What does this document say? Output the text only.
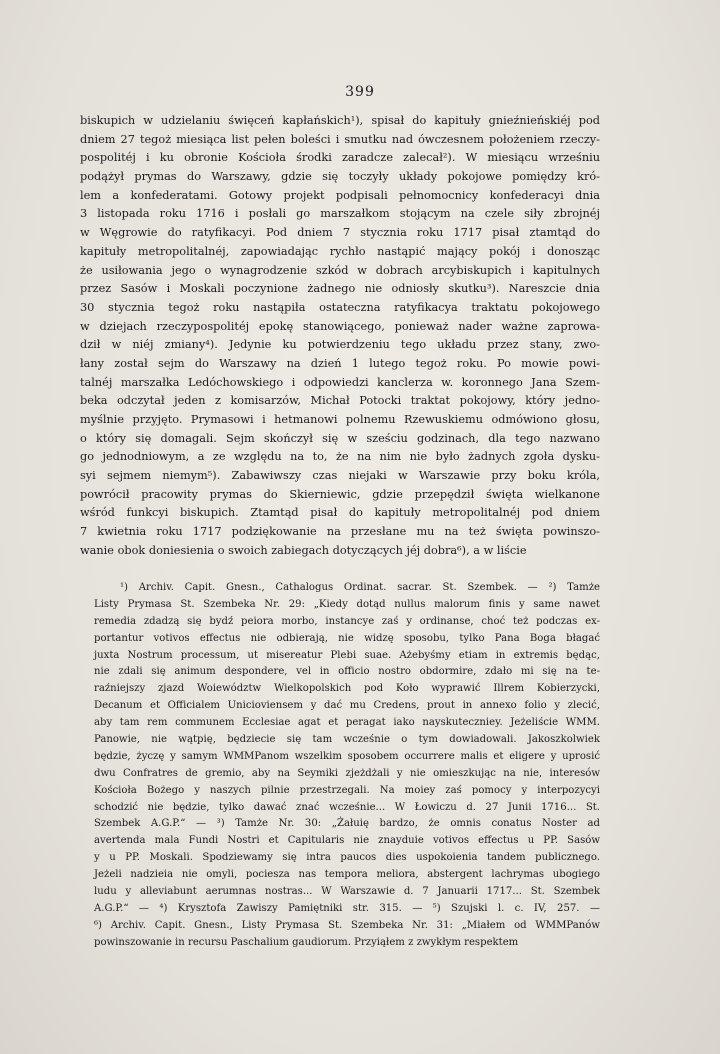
399
biskupich w udzielaniu święceń kapłańskich¹), spisał do kapituły gnieźnieńskiéj pod
dniem 27 tegoż miesiąca list pełen boleści i smutku nad ówczesnem położeniem rzeczy-
pospolitéj i ku obronie Kościoła środki zaradcze zalecał²). W miesiącu wrześniu
podążył prymas do Warszawy, gdzie się toczyły układy pokojowe pomiędzy kró-
lem a konfederatami. Gotowy projekt podpisali pełnomocnicy konfederacyi dnia
3 listopada roku 1716 i posłali go marszałkom stojącym na czele siły zbrojnéj
w Węgrowie do ratyfikacyi. Pod dniem 7 stycznia roku 1717 pisał ztamtąd do
kapituły metropolitalnéj, zapowiadając rychło nastąpić mający pokój i donosząc
że usiłowania jego o wynagrodzenie szkód w dobrach arcybiskupich i kapitulnych
przez Sasów i Moskali poczynione żadnego nie odniosły skutku³). Nareszcie dnia
30 stycznia tegoż roku nastąpiła ostateczna ratyfikacya traktatu pokojowego
w dziejach rzeczypospolitéj epokę stanowiącego, ponieważ nader ważne zaprowa-
dził w niéj zmiany⁴). Jedynie ku potwierdzeniu tego układu przez stany, zwo-
łany został sejm do Warszawy na dzień 1 lutego tegoż roku. Po mowie powi-
talnéj marszałka Ledóchowskiego i odpowiedzi kanclerza w. koronnego Jana Szem-
beka odczytał jeden z komisarzów, Michał Potocki traktat pokojowy, który jedno-
myślnie przyjęto. Prymasowi i hetmanowi polnemu Rzewuskiemu odmówiono głosu,
o który się domagali. Sejm skończył się w sześciu godzinach, dla tego nazwano
go jednodniowym, a ze względu na to, że na nim nie było żadnych zgoła dysku-
syi sejmem niemym⁵). Zabawiwszy czas niejaki w Warszawie przy boku króla,
powrócił pracowity prymas do Skierniewic, gdzie przepędził święta wielkanone
wśród funkcyi biskupich. Ztamtąd pisał do kapituły metropolitalnéj pod dniem
7 kwietnia roku 1717 podziękowanie na przesłane mu na też święta powinszo-
wanie obok doniesienia o swoich zabiegach dotyczących jéj dobra⁶), a w liście
¹) Archiv. Capit. Gnesn., Cathalogus Ordinat. sacrar. St. Szembek. — ²) Tamże
Listy Prymasa St. Szembeka Nr. 29: „Kiedy dotąd nullus malorum finis y same nawet
remedia zdadzą się bydź peiora morbo, instancye zaś y ordinanse, choć też podczas ex-
portantur votivos effectus nie odbierają, nie widzę sposobu, tylko Pana Boga błagać
juxta Nostrum processum, ut misereatur Plebi suae. Ażebyśmy etiam in extremis będąc,
nie zdali się animum despondere, vel in officio nostro obdormire, zdało mi się na te-
raźniejszy zjazd Woiewództw Wielkopolskich pod Koło wyprawić Illrem Kobierzycki,
Decanum et Officialem Unicioviensem y dać mu Credens, prout in annexo folio y zlecić,
aby tam rem communem Ecclesiae agat et peragat iako nayskuteczniey. Jeżeliście WMM.
Panowie, nie wątpię, będziecie się tam wcześnie o tym dowiadowali. Jakoszkolwiek
będzie, życzę y samym WMMPanom wszelkim sposobem occurrere malis et eligere y uprosić
dwu Confratres de gremio, aby na Seymiki zjeżdżali y nie omieszkując na nie, interesów
Kościoła Bożego y naszych pilnie przestrzegali. Na moiey zaś pomocy y interpozycyi
schodzić nie będzie, tylko dawać znać wcześnie... W Łowiczu d. 27 Junii 1716... St.
Szembek A.G.P.“ — ³) Tamże Nr. 30: „Żałuię bardzo, że omnis conatus Noster ad
avertenda mala Fundi Nostri et Capitularis nie znayduie votivos effectus u PP. Sasów
y u PP. Moskali. Spodziewamy się intra paucos dies uspokoienia tandem publicznego.
Jeżeli nadzieia nie omyli, pociesza nas tempora meliora, abstergent lachrymas ubogiego
ludu y alleviabunt aerumnas nostras... W Warszawie d. 7 Januarii 1717... St. Szembek
A.G.P.“ — ⁴) Krysztofa Zawiszy Pamiętniki str. 315. — ⁵) Szujski l. c. IV, 257. —
⁶) Archiv. Capit. Gnesn., Listy Prymasa St. Szembeka Nr. 31: „Miałem od WMMPanów
powinszowanie in recursu Paschalium gaudiorum. Przyiąłem z zwykłym respektem
